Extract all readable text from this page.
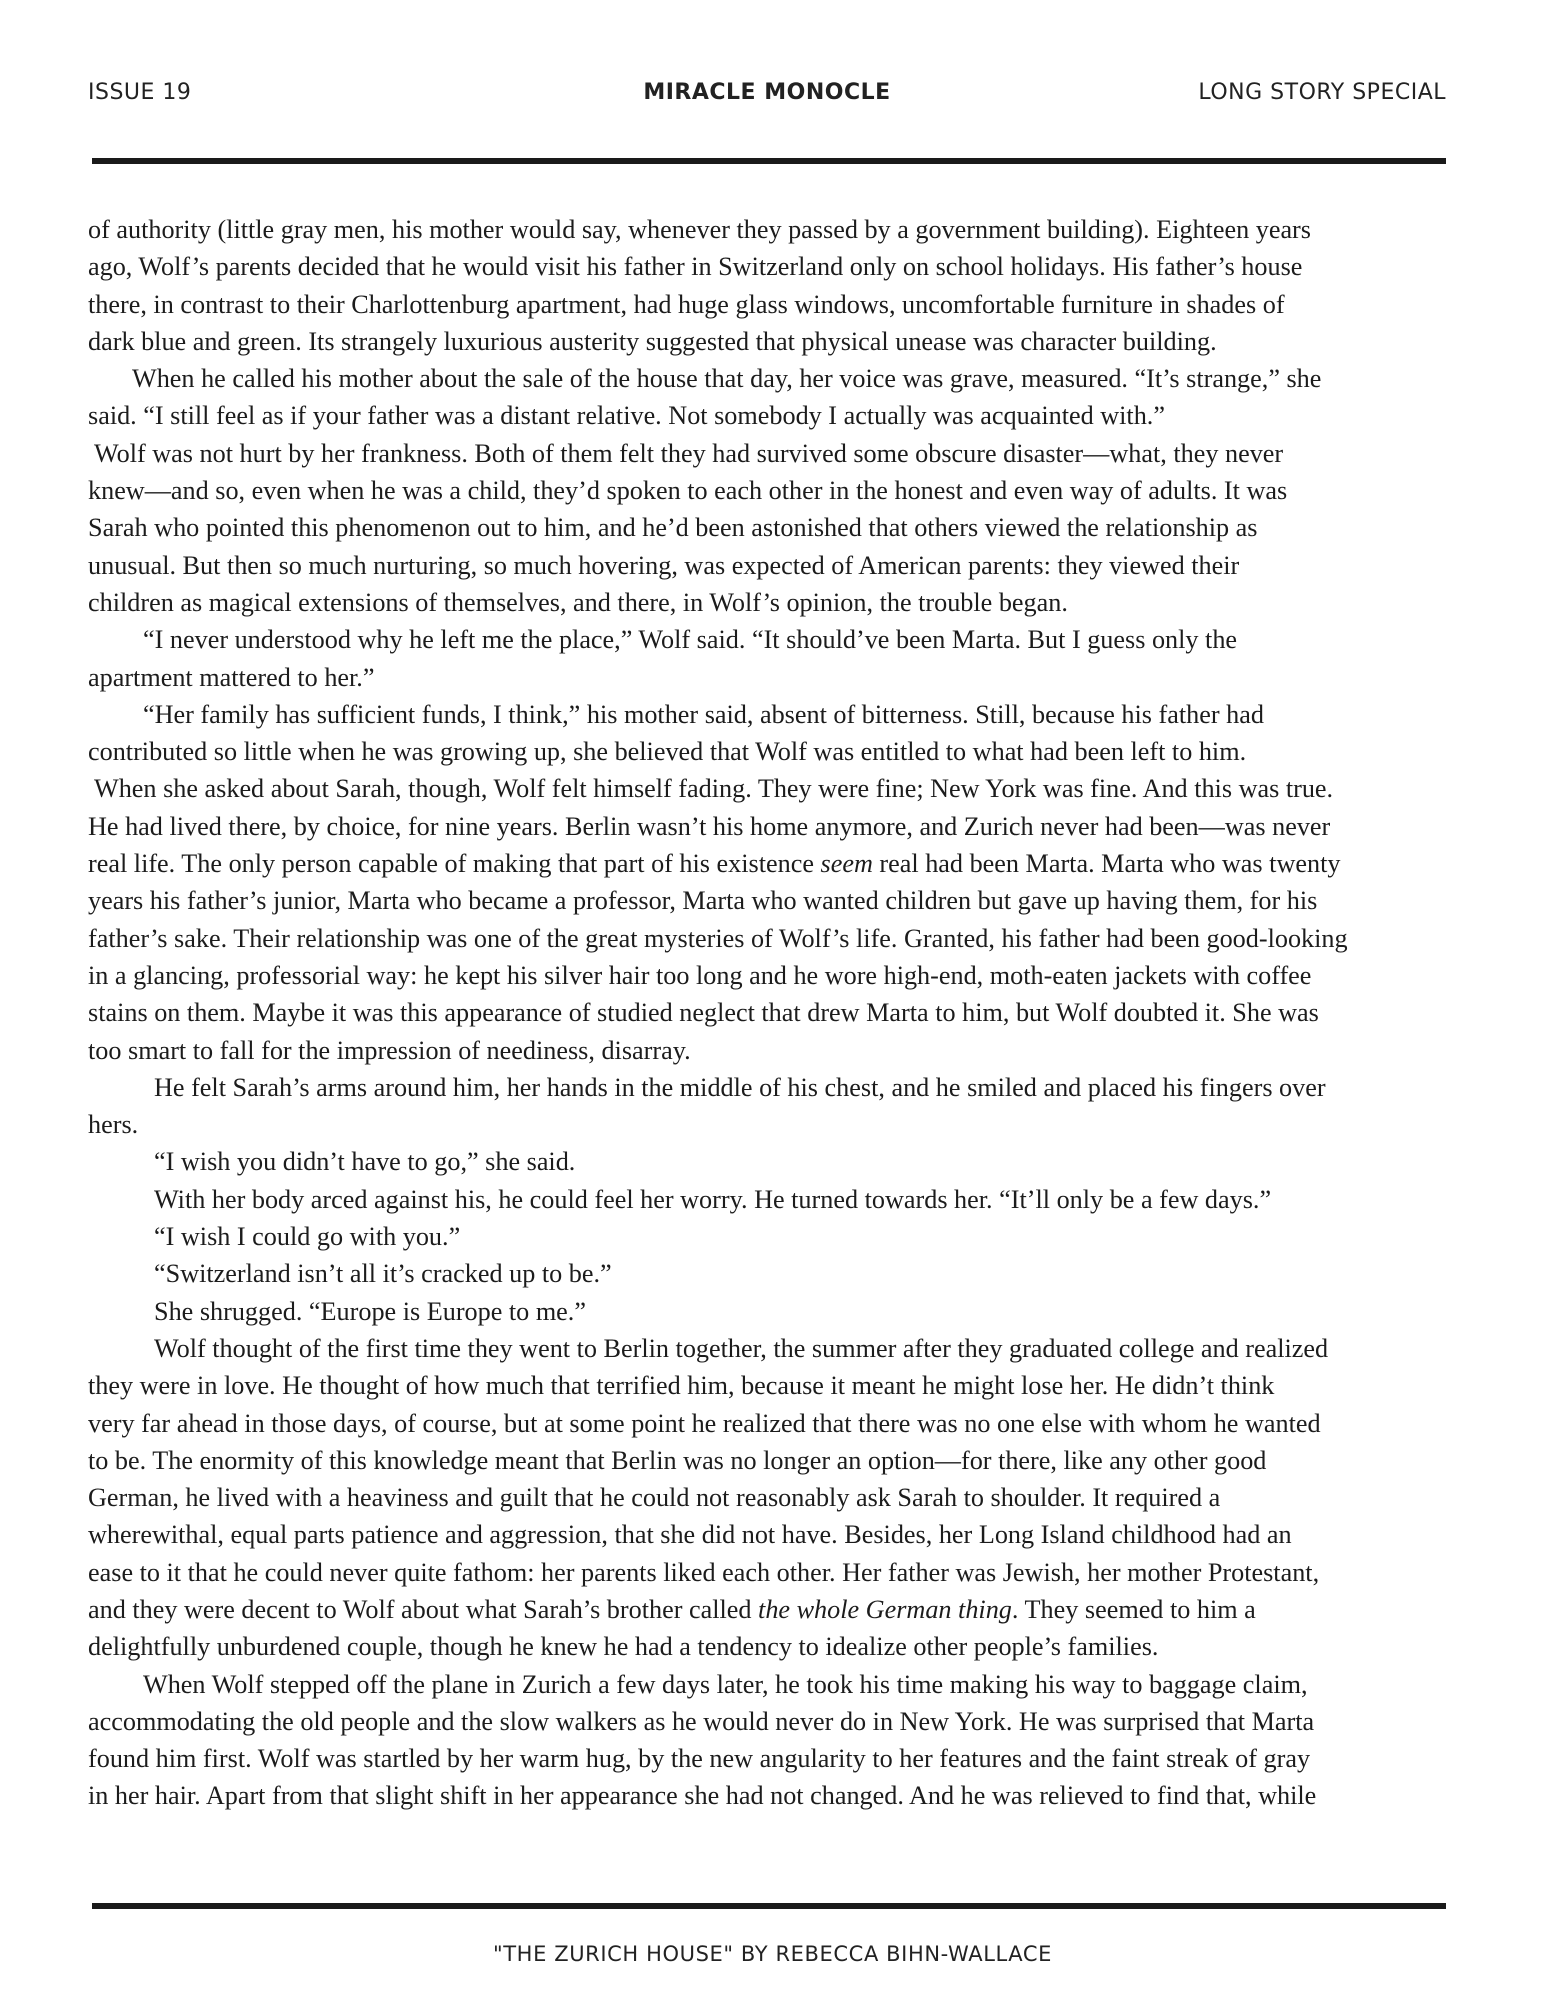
ISSUE 19	MIRACLE MONOCLE	LONG STORY SPECIAL
of authority (little gray men, his mother would say, whenever they passed by a government building). Eighteen years
ago, Wolf’s parents decided that he would visit his father in Switzerland only on school holidays. His father’s house
there, in contrast to their Charlottenburg apartment, had huge glass windows, uncomfortable furniture in shades of
dark blue and green. Its strangely luxurious austerity suggested that physical unease was character building.
When he called his mother about the sale of the house that day, her voice was grave, measured. “It’s strange,” she
said. “I still feel as if your father was a distant relative. Not somebody I actually was acquainted with.”
Wolf was not hurt by her frankness. Both of them felt they had survived some obscure disaster—what, they never
knew—and so, even when he was a child, they’d spoken to each other in the honest and even way of adults. It was
Sarah who pointed this phenomenon out to him, and he’d been astonished that others viewed the relationship as
unusual. But then so much nurturing, so much hovering, was expected of American parents: they viewed their
children as magical extensions of themselves, and there, in Wolf’s opinion, the trouble began.
“I never understood why he left me the place,” Wolf said. “It should’ve been Marta. But I guess only the
apartment mattered to her.”
“Her family has sufficient funds, I think,” his mother said, absent of bitterness. Still, because his father had
contributed so little when he was growing up, she believed that Wolf was entitled to what had been left to him.
When she asked about Sarah, though, Wolf felt himself fading. They were fine; New York was fine. And this was true.
He had lived there, by choice, for nine years. Berlin wasn’t his home anymore, and Zurich never had been—was never
real life. The only person capable of making that part of his existence seem real had been Marta. Marta who was twenty
years his father’s junior, Marta who became a professor, Marta who wanted children but gave up having them, for his
father’s sake. Their relationship was one of the great mysteries of Wolf’s life. Granted, his father had been good-looking
in a glancing, professorial way: he kept his silver hair too long and he wore high-end, moth-eaten jackets with coffee
stains on them. Maybe it was this appearance of studied neglect that drew Marta to him, but Wolf doubted it. She was
too smart to fall for the impression of neediness, disarray.
He felt Sarah’s arms around him, her hands in the middle of his chest, and he smiled and placed his fingers over
hers.
“I wish you didn’t have to go,” she said.
With her body arced against his, he could feel her worry. He turned towards her. “It’ll only be a few days.”
“I wish I could go with you.”
“Switzerland isn’t all it’s cracked up to be.”
She shrugged. “Europe is Europe to me.”
Wolf thought of the first time they went to Berlin together, the summer after they graduated college and realized
they were in love. He thought of how much that terrified him, because it meant he might lose her. He didn’t think
very far ahead in those days, of course, but at some point he realized that there was no one else with whom he wanted
to be. The enormity of this knowledge meant that Berlin was no longer an option—for there, like any other good
German, he lived with a heaviness and guilt that he could not reasonably ask Sarah to shoulder. It required a
wherewithal, equal parts patience and aggression, that she did not have. Besides, her Long Island childhood had an
ease to it that he could never quite fathom: her parents liked each other. Her father was Jewish, her mother Protestant,
and they were decent to Wolf about what Sarah’s brother called the whole German thing. They seemed to him a
delightfully unburdened couple, though he knew he had a tendency to idealize other people’s families.
When Wolf stepped off the plane in Zurich a few days later, he took his time making his way to baggage claim,
accommodating the old people and the slow walkers as he would never do in New York. He was surprised that Marta
found him first. Wolf was startled by her warm hug, by the new angularity to her features and the faint streak of gray
in her hair. Apart from that slight shift in her appearance she had not changed. And he was relieved to find that, while
"THE ZURICH HOUSE" BY REBECCA BIHN-WALLACE
